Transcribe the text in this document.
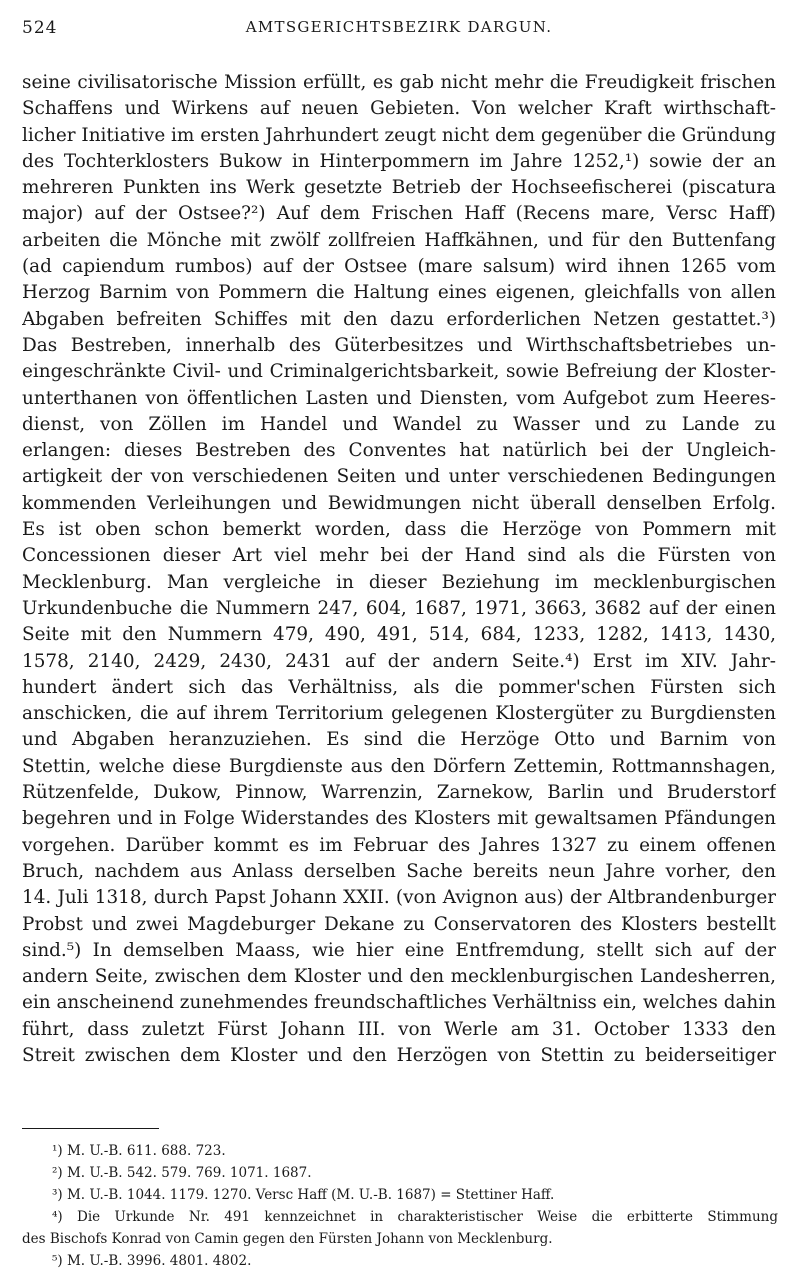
524	AMTSGERICHTSBEZIRK DARGUN.
seine civilisatorische Mission erfüllt, es gab nicht mehr die Freudigkeit frischen
Schaffens und Wirkens auf neuen Gebieten. Von welcher Kraft wirthschaft-
licher Initiative im ersten Jahrhundert zeugt nicht dem gegenüber die Gründung
des Tochterklosters Bukow in Hinterpommern im Jahre 1252,¹) sowie der an
mehreren Punkten ins Werk gesetzte Betrieb der Hochseefischerei (piscatura
major) auf der Ostsee?²) Auf dem Frischen Haff (Recens mare, Versc Haff)
arbeiten die Mönche mit zwölf zollfreien Haffkähnen, und für den Buttenfang
(ad capiendum rumbos) auf der Ostsee (mare salsum) wird ihnen 1265 vom
Herzog Barnim von Pommern die Haltung eines eigenen, gleichfalls von allen
Abgaben befreiten Schiffes mit den dazu erforderlichen Netzen gestattet.³)
Das Bestreben, innerhalb des Güterbesitzes und Wirthschaftsbetriebes un-
eingeschränkte Civil- und Criminalgerichtsbarkeit, sowie Befreiung der Kloster-
unterthanen von öffentlichen Lasten und Diensten, vom Aufgebot zum Heeres-
dienst, von Zöllen im Handel und Wandel zu Wasser und zu Lande zu
erlangen: dieses Bestreben des Conventes hat natürlich bei der Ungleich-
artigkeit der von verschiedenen Seiten und unter verschiedenen Bedingungen
kommenden Verleihungen und Bewidmungen nicht überall denselben Erfolg.
Es ist oben schon bemerkt worden, dass die Herzöge von Pommern mit
Concessionen dieser Art viel mehr bei der Hand sind als die Fürsten von
Mecklenburg. Man vergleiche in dieser Beziehung im mecklenburgischen
Urkundenbuche die Nummern 247, 604, 1687, 1971, 3663, 3682 auf der einen
Seite mit den Nummern 479, 490, 491, 514, 684, 1233, 1282, 1413, 1430,
1578, 2140, 2429, 2430, 2431 auf der andern Seite.⁴) Erst im XIV. Jahr-
hundert ändert sich das Verhältniss, als die pommer'schen Fürsten sich
anschicken, die auf ihrem Territorium gelegenen Klostergüter zu Burgdiensten
und Abgaben heranzuziehen. Es sind die Herzöge Otto und Barnim von
Stettin, welche diese Burgdienste aus den Dörfern Zettemin, Rottmannshagen,
Rützenfelde, Dukow, Pinnow, Warrenzin, Zarnekow, Barlin und Bruderstorf
begehren und in Folge Widerstandes des Klosters mit gewaltsamen Pfändungen
vorgehen. Darüber kommt es im Februar des Jahres 1327 zu einem offenen
Bruch, nachdem aus Anlass derselben Sache bereits neun Jahre vorher, den
14. Juli 1318, durch Papst Johann XXII. (von Avignon aus) der Altbrandenburger
Probst und zwei Magdeburger Dekane zu Conservatoren des Klosters bestellt
sind.⁵) In demselben Maass, wie hier eine Entfremdung, stellt sich auf der
andern Seite, zwischen dem Kloster und den mecklenburgischen Landesherren,
ein anscheinend zunehmendes freundschaftliches Verhältniss ein, welches dahin
führt, dass zuletzt Fürst Johann III. von Werle am 31. October 1333 den
Streit zwischen dem Kloster und den Herzögen von Stettin zu beiderseitiger
¹) M. U.-B. 611. 688. 723.
²) M. U.-B. 542. 579. 769. 1071. 1687.
³) M. U.-B. 1044. 1179. 1270. Versc Haff (M. U.-B. 1687) = Stettiner Haff.
⁴) Die Urkunde Nr. 491 kennzeichnet in charakteristischer Weise die erbitterte Stimmung
des Bischofs Konrad von Camin gegen den Fürsten Johann von Mecklenburg.
⁵) M. U.-B. 3996. 4801. 4802.
